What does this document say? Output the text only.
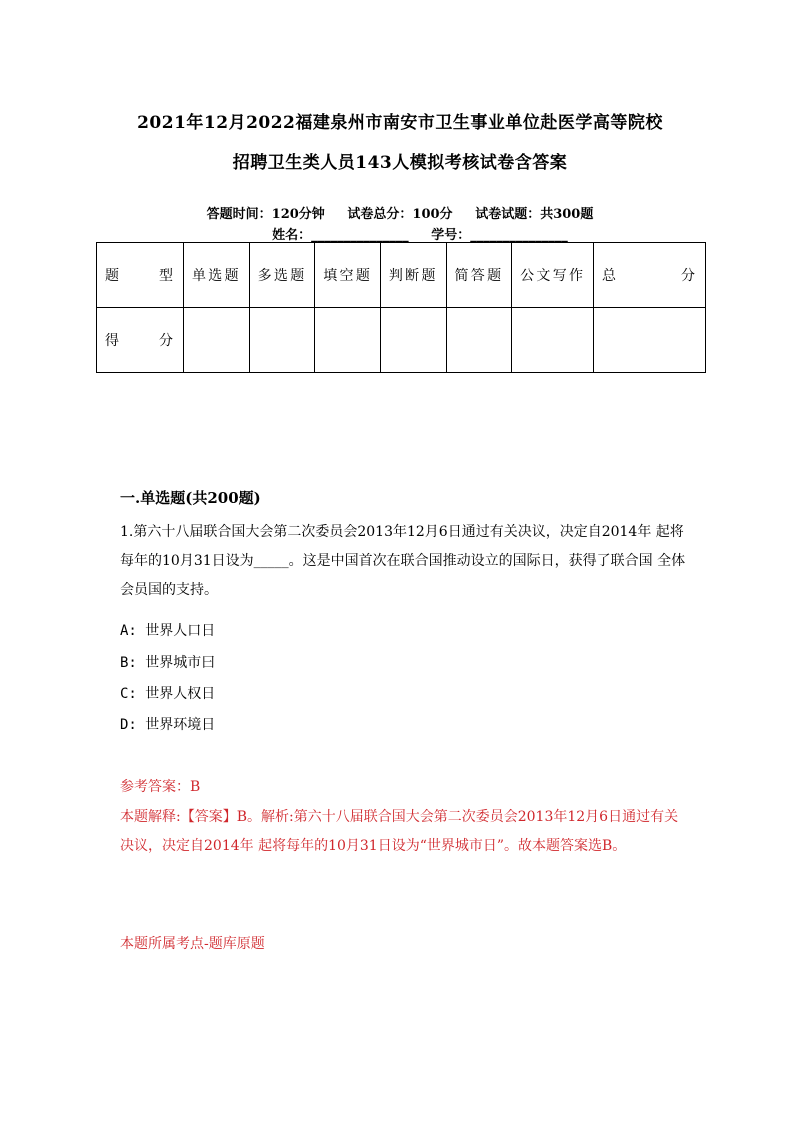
2021年12月2022福建泉州市南安市卫生事业单位赴医学高等院校
招聘卫生类人员143人模拟考核试卷含答案
答题时间：120分钟     试卷总分：100分     试卷试题：共300题
姓名：_______________     学号：_______________
题　型	单选题	多选题	填空题	判断题	简答题	公文写作	总　　分
得　分							
一.单选题(共200题)
1.第六十八届联合国大会第二次委员会2013年12月6日通过有关决议，决定自2014年 起将每年的10月31日设为_____。这是中国首次在联合国推动设立的国际日，获得了联合国 全体会员国的支持。
A: 世界人口日
B: 世界城市曰
C: 世界人权日
D: 世界环境日
参考答案：B
本题解释:【答案】B。解析:第六十八届联合国大会第二次委员会2013年12月6日通过有关决议，决定自2014年 起将每年的10月31日设为“世界城市日”。故本题答案选B。
本题所属考点-题库原题
